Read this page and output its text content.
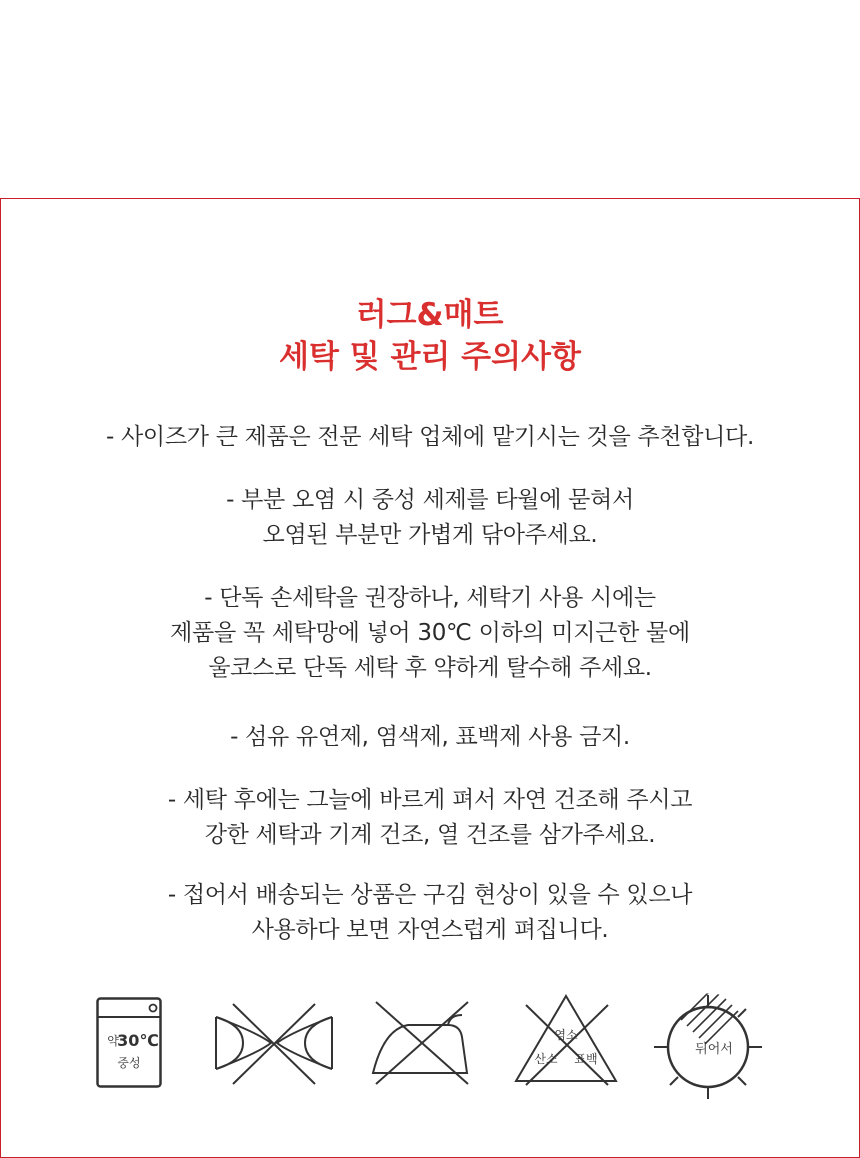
러그&매트
세탁 및 관리 주의사항

- 사이즈가 큰 제품은 전문 세탁 업체에 맡기시는 것을 추천합니다.

- 부분 오염 시 중성 세제를 타월에 묻혀서
오염된 부분만 가볍게 닦아주세요.

- 단독 손세탁을 권장하나, 세탁기 사용 시에는
제품을 꼭 세탁망에 넣어 30℃ 이하의 미지근한 물에
울코스로 단독 세탁 후 약하게 탈수해 주세요.

- 섬유 유연제, 염색제, 표백제 사용 금지.

- 세탁 후에는 그늘에 바르게 펴서 자연 건조해 주시고
강한 세탁과 기계 건조, 열 건조를 삼가주세요.

- 접어서 배송되는 상품은 구김 현상이 있을 수 있으나
사용하다 보면 자연스럽게 펴집니다.

약
30℃
중성
염소
산소 표백
뒤어서
